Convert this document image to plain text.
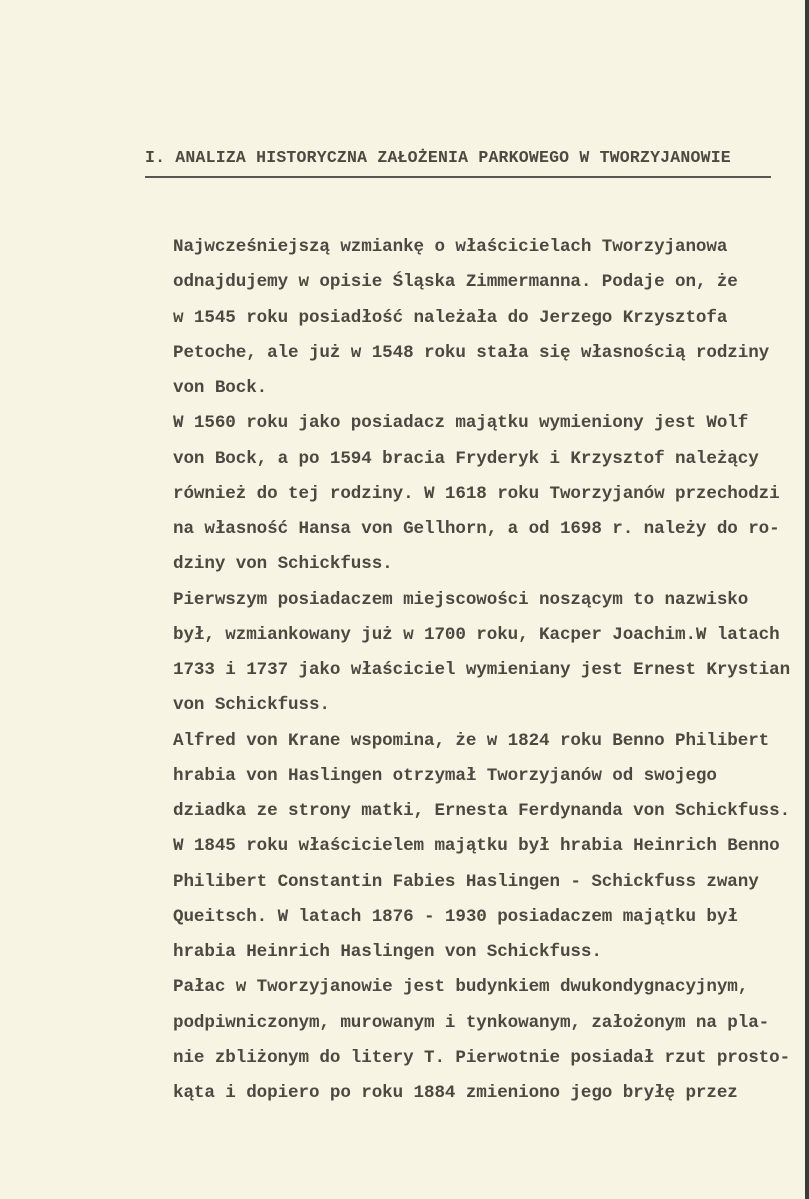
I. ANALIZA HISTORYCZNA ZAŁOŻENIA PARKOWEGO W TWORZYJANOWIE
Najwcześniejszą wzmiankę o właścicielach Tworzyjanowa
odnajdujemy w opisie Śląska Zimmermanna. Podaje on, że
w 1545 roku posiadłość należała do Jerzego Krzysztofa
Petoche, ale już w 1548 roku stała się własnością rodziny
von Bock.
W 1560 roku jako posiadacz majątku wymieniony jest Wolf
von Bock, a po 1594 bracia Fryderyk i Krzysztof należący
również do tej rodziny. W 1618 roku Tworzyjanów przechodzi
na własność Hansa von Gellhorn, a od 1698 r. należy do ro-
dziny von Schickfuss.
Pierwszym posiadaczem miejscowości noszącym to nazwisko
był, wzmiankowany już w 1700 roku, Kacper Joachim.W latach
1733 i 1737 jako właściciel wymieniany jest Ernest Krystian
von Schickfuss.
Alfred von Krane wspomina, że w 1824 roku Benno Philibert
hrabia von Haslingen otrzymał Tworzyjanów od swojego
dziadka ze strony matki, Ernesta Ferdynanda von Schickfuss.
W 1845 roku właścicielem majątku był hrabia Heinrich Benno
Philibert Constantin Fabies Haslingen - Schickfuss zwany
Queitsch. W latach 1876 - 1930 posiadaczem majątku był
hrabia Heinrich Haslingen von Schickfuss.
Pałac w Tworzyjanowie jest budynkiem dwukondygnacyjnym,
podpiwniczonym, murowanym i tynkowanym, założonym na pla-
nie zbliżonym do litery T. Pierwotnie posiadał rzut prosto-
kąta i dopiero po roku 1884 zmieniono jego bryłę przez
